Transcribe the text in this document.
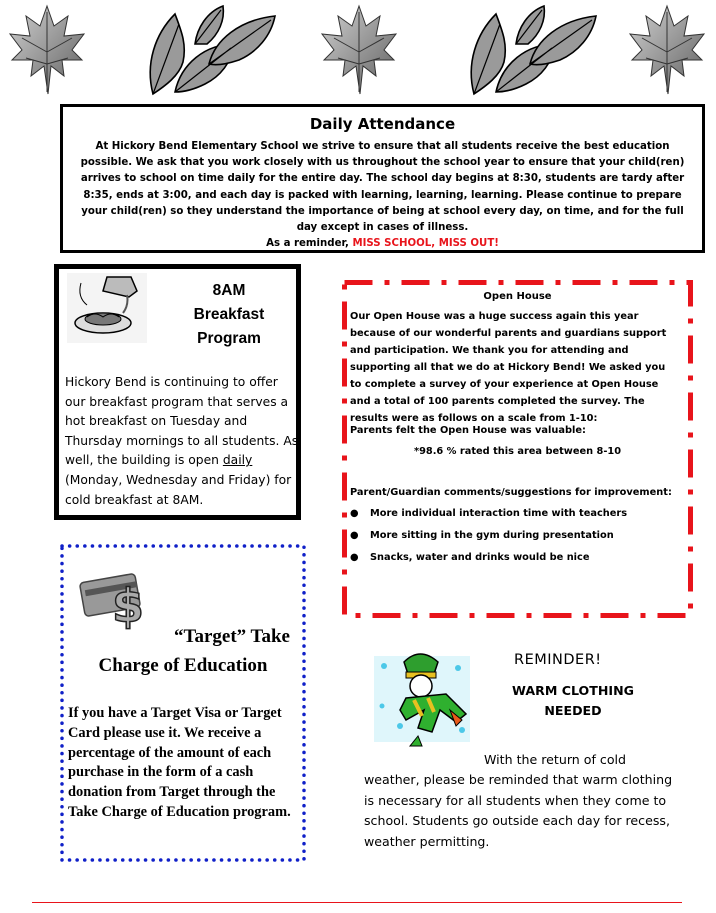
Daily Attendance
At Hickory Bend Elementary School we strive to ensure that all students receive the best education possible. We ask that you work closely with us throughout the school year to ensure that your child(ren) arrives to school on time daily for the entire day. The school day begins at 8:30, students are tardy after 8:35, ends at 3:00, and each day is packed with learning, learning, learning. Please continue to prepare your child(ren) so they understand the importance of being at school every day, on time, and for the full day except in cases of illness.
As a reminder, MISS SCHOOL, MISS OUT!
8AM
Breakfast
Program
Hickory Bend is continuing to offer our breakfast program that serves a hot breakfast on Tuesday and Thursday mornings to all students. As well, the building is open daily (Monday, Wednesday and Friday) for cold breakfast at 8AM.
Open House
Our Open House was a huge success again this year because of our wonderful parents and guardians support and participation. We thank you for attending and supporting all that we do at Hickory Bend! We asked you to complete a survey of your experience at Open House and a total of 100 parents completed the survey. The results were as follows on a scale from 1-10:
Parents felt the Open House was valuable:
*98.6 % rated this area between 8-10
Parent/Guardian comments/suggestions for improvement:
● More individual interaction time with teachers
● More sitting in the gym during presentation
● Snacks, water and drinks would be nice
$
“Target” Take
Charge of Education
If you have a Target Visa or Target Card please use it. We receive a percentage of the amount of each purchase in the form of a cash donation from Target through the Take Charge of Education program.
REMINDER!
WARM CLOTHING
NEEDED
With the return of cold weather, please be reminded that warm clothing is necessary for all students when they come to school. Students go outside each day for recess, weather permitting.
